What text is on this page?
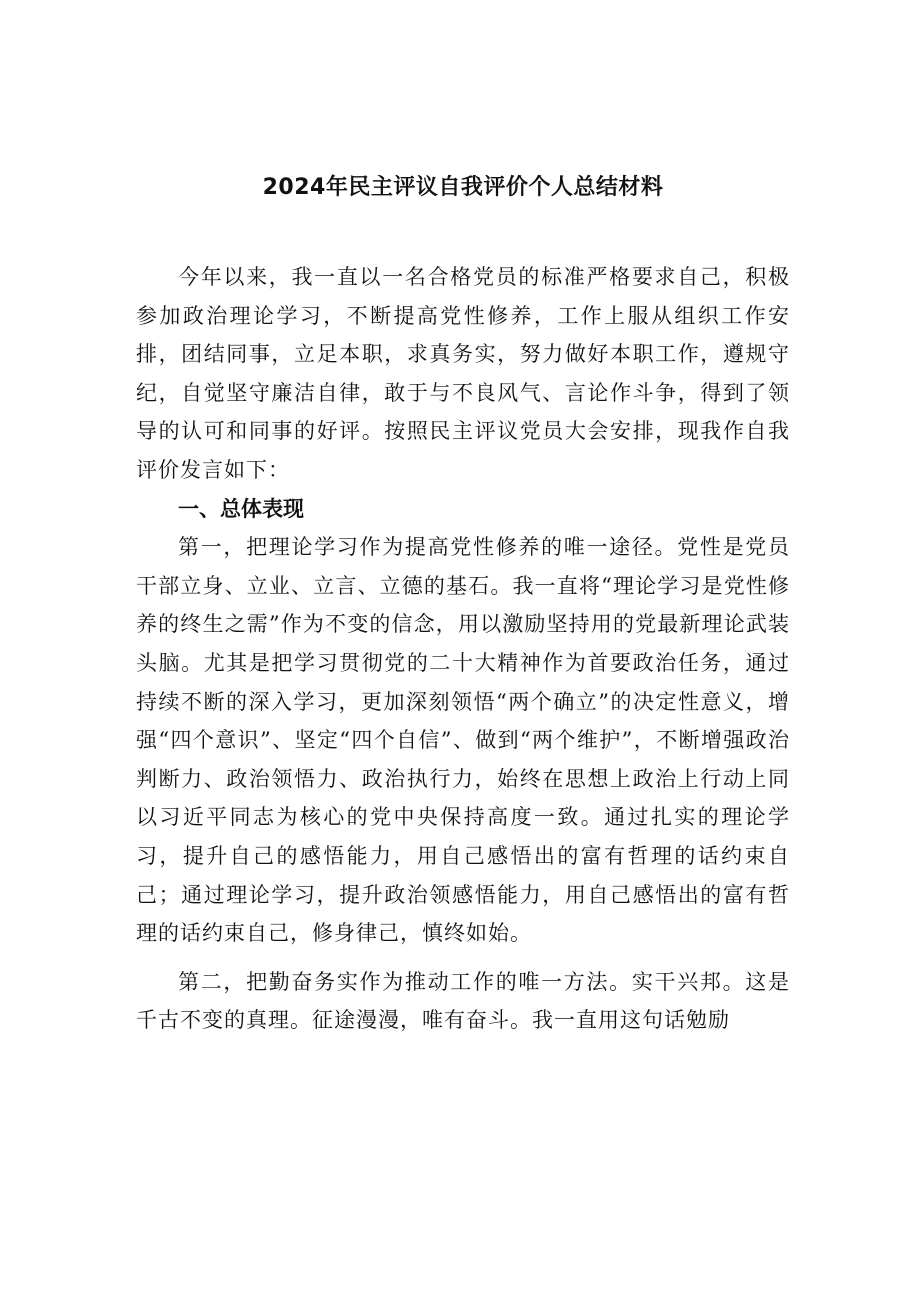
2024年民主评议自我评价个人总结材料

今年以来，我一直以一名合格党员的标准严格要求自己，积极参加政治理论学习，不断提高党性修养，工作上服从组织工作安排，团结同事，立足本职，求真务实，努力做好本职工作，遵规守纪，自觉坚守廉洁自律，敢于与不良风气、言论作斗争，得到了领导的认可和同事的好评。按照民主评议党员大会安排，现我作自我评价发言如下：

一、总体表现

第一，把理论学习作为提高党性修养的唯一途径。党性是党员干部立身、立业、立言、立德的基石。我一直将“理论学习是党性修养的终生之需”作为不变的信念，用以激励坚持用的党最新理论武装头脑。尤其是把学习贯彻党的二十大精神作为首要政治任务，通过持续不断的深入学习，更加深刻领悟“两个确立”的决定性意义，增强“四个意识”、坚定“四个自信”、做到“两个维护”，不断增强政治判断力、政治领悟力、政治执行力，始终在思想上政治上行动上同以习近平同志为核心的党中央保持高度一致。通过扎实的理论学习，提升自己的感悟能力，用自己感悟出的富有哲理的话约束自己；通过理论学习，提升政治领感悟能力，用自己感悟出的富有哲理的话约束自己，修身律己，慎终如始。

第二，把勤奋务实作为推动工作的唯一方法。实干兴邦。这是千古不变的真理。征途漫漫，唯有奋斗。我一直用这句话勉励
